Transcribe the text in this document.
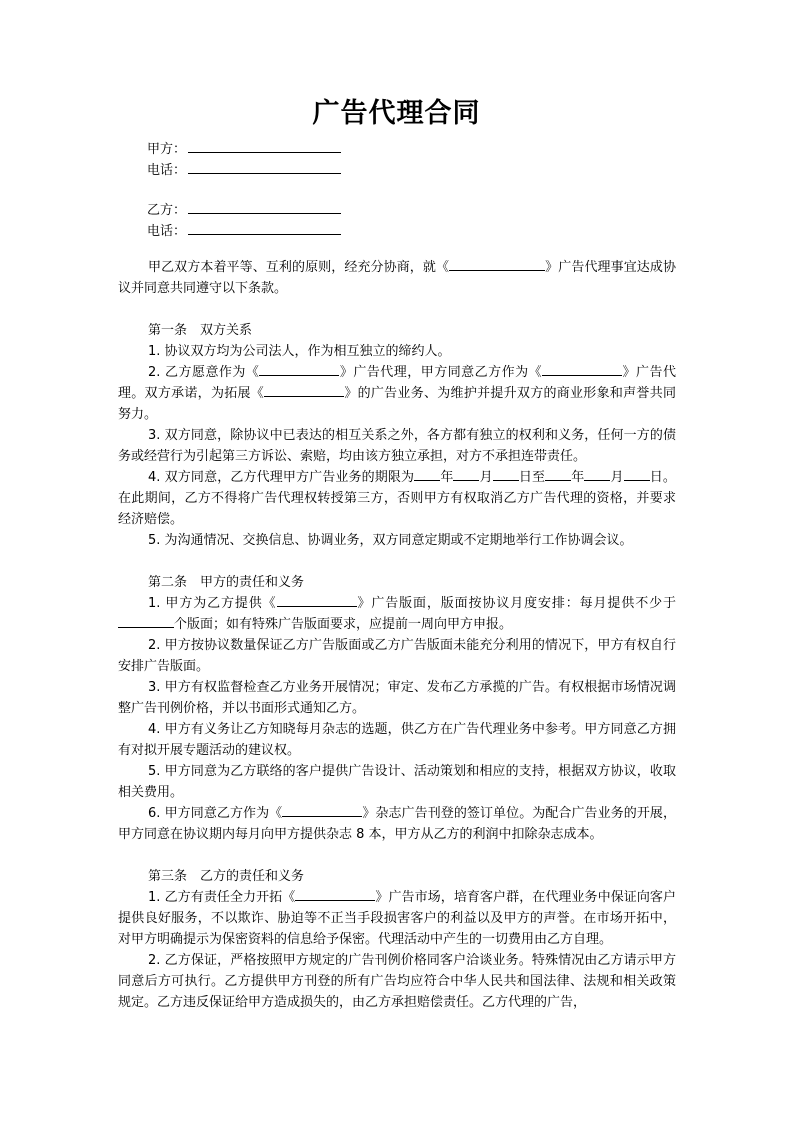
广告代理合同
甲方：
电话：
乙方：
电话：

甲乙双方本着平等、互利的原则，经充分协商，就《	》广告代理事宜达成协议并同意共同遵守以下条款。

第一条　双方关系

1. 协议双方均为公司法人，作为相互独立的缔约人。

2. 乙方愿意作为《	》广告代理，甲方同意乙方作为《	》广告代理。双方承诺，为拓展《	》的广告业务、为维护并提升双方的商业形象和声誉共同努力。

3. 双方同意，除协议中已表达的相互关系之外，各方都有独立的权利和义务，任何一方的债务或经营行为引起第三方诉讼、索赔，均由该方独立承担，对方不承担连带责任。

4. 双方同意，乙方代理甲方广告业务的期限为 年 月 日至 年 月 日。在此期间，乙方不得将广告代理权转授第三方，否则甲方有权取消乙方广告代理的资格，并要求经济赔偿。

5. 为沟通情况、交换信息、协调业务，双方同意定期或不定期地举行工作协调会议。

第二条　甲方的责任和义务

1. 甲方为乙方提供《	》广告版面，版面按协议月度安排：每月提供不少于个版面；如有特殊广告版面要求，应提前一周向甲方申报。

2. 甲方按协议数量保证乙方广告版面或乙方广告版面未能充分利用的情况下，甲方有权自行安排广告版面。

3. 甲方有权监督检查乙方业务开展情况；审定、发布乙方承揽的广告。有权根据市场情况调整广告刊例价格，并以书面形式通知乙方。

4. 甲方有义务让乙方知晓每月杂志的选题，供乙方在广告代理业务中参考。甲方同意乙方拥有对拟开展专题活动的建议权。

5. 甲方同意为乙方联络的客户提供广告设计、活动策划和相应的支持，根据双方协议，收取相关费用。

6. 甲方同意乙方作为《	》杂志广告刊登的签订单位。为配合广告业务的开展，甲方同意在协议期内每月向甲方提供杂志 8 本，甲方从乙方的利润中扣除杂志成本。

第三条　乙方的责任和义务

1. 乙方有责任全力开拓《	》广告市场，培育客户群，在代理业务中保证向客户提供良好服务，不以欺诈、胁迫等不正当手段损害客户的利益以及甲方的声誉。在市场开拓中，对甲方明确提示为保密资料的信息给予保密。代理活动中产生的一切费用由乙方自理。

2. 乙方保证，严格按照甲方规定的广告刊例价格同客户洽谈业务。特殊情况由乙方请示甲方同意后方可执行。乙方提供甲方刊登的所有广告均应符合中华人民共和国法律、法规和相关政策规定。乙方违反保证给甲方造成损失的，由乙方承担赔偿责任。乙方代理的广告，
